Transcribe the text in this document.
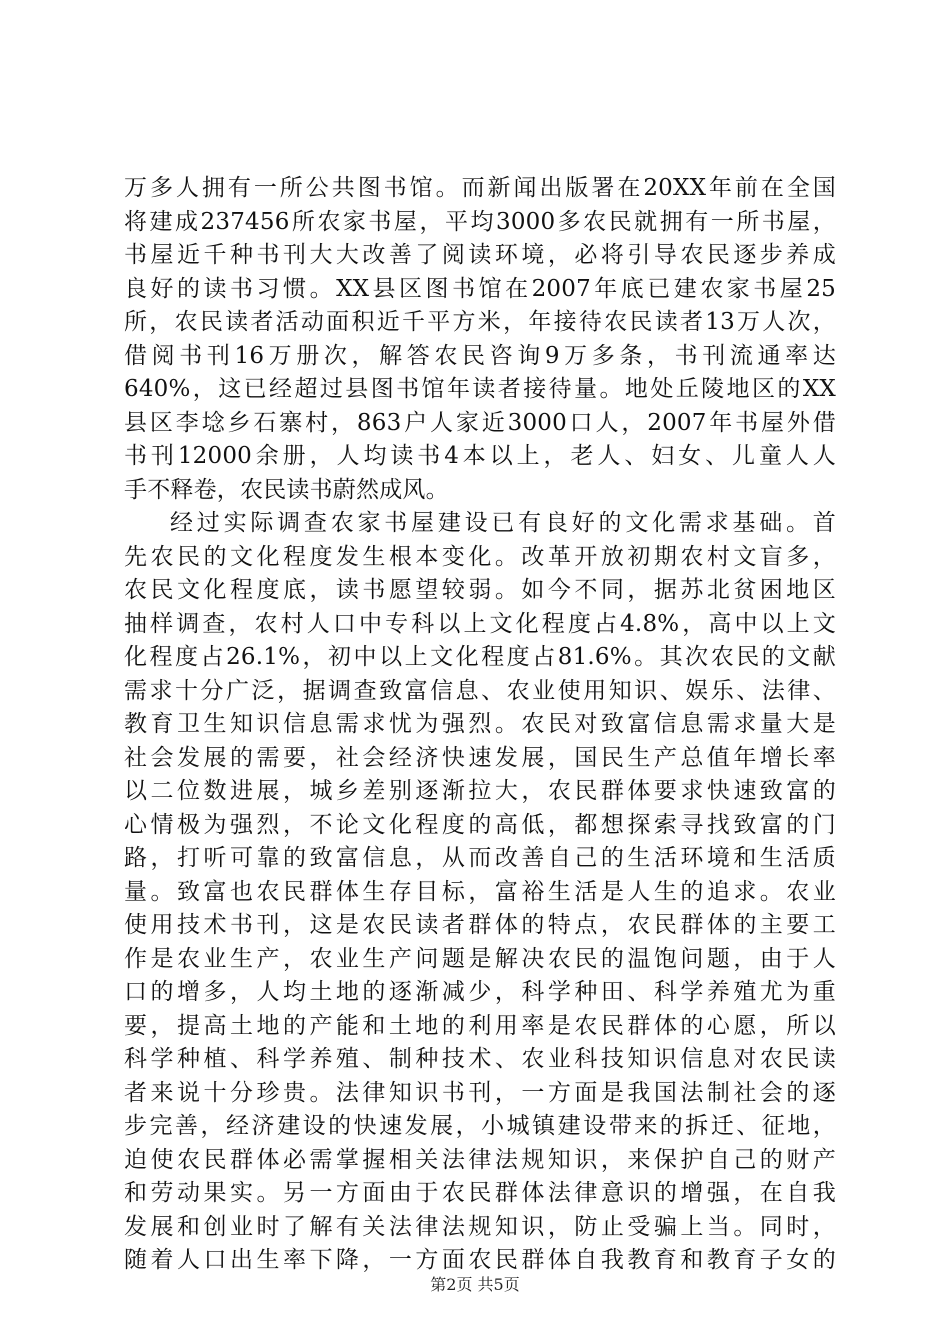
万多人拥有一所公共图书馆。而新闻出版署在20XX年前在全国
将建成237456所农家书屋，平均3000多农民就拥有一所书屋，
书屋近千种书刊大大改善了阅读环境，必将引导农民逐步养成
良好的读书习惯。XX县区图书馆在2007年底已建农家书屋25
所，农民读者活动面积近千平方米，年接待农民读者13万人次，
借阅书刊16万册次，解答农民咨询9万多条，书刊流通率达
640%，这已经超过县图书馆年读者接待量。地处丘陵地区的XX
县区李埝乡石寨村，863户人家近3000口人，2007年书屋外借
书刊12000余册，人均读书4本以上，老人、妇女、儿童人人
手不释卷，农民读书蔚然成风。
经过实际调查农家书屋建设已有良好的文化需求基础。首
先农民的文化程度发生根本变化。改革开放初期农村文盲多，
农民文化程度底，读书愿望较弱。如今不同，据苏北贫困地区
抽样调查，农村人口中专科以上文化程度占4.8%，高中以上文
化程度占26.1%，初中以上文化程度占81.6%。其次农民的文献
需求十分广泛，据调查致富信息、农业使用知识、娱乐、法律、
教育卫生知识信息需求忧为强烈。农民对致富信息需求量大是
社会发展的需要，社会经济快速发展，国民生产总值年增长率
以二位数进展，城乡差别逐渐拉大，农民群体要求快速致富的
心情极为强烈，不论文化程度的高低，都想探索寻找致富的门
路，打听可靠的致富信息，从而改善自己的生活环境和生活质
量。致富也农民群体生存目标，富裕生活是人生的追求。农业
使用技术书刊，这是农民读者群体的特点，农民群体的主要工
作是农业生产，农业生产问题是解决农民的温饱问题，由于人
口的增多，人均土地的逐渐减少，科学种田、科学养殖尤为重
要，提高土地的产能和土地的利用率是农民群体的心愿，所以
科学种植、科学养殖、制种技术、农业科技知识信息对农民读
者来说十分珍贵。法律知识书刊，一方面是我国法制社会的逐
步完善，经济建设的快速发展，小城镇建设带来的拆迁、征地，
迫使农民群体必需掌握相关法律法规知识，来保护自己的财产
和劳动果实。另一方面由于农民群体法律意识的增强，在自我
发展和创业时了解有关法律法规知识，防止受骗上当。同时，
随着人口出生率下降，一方面农民群体自我教育和教育子女的
第2页 共5页
